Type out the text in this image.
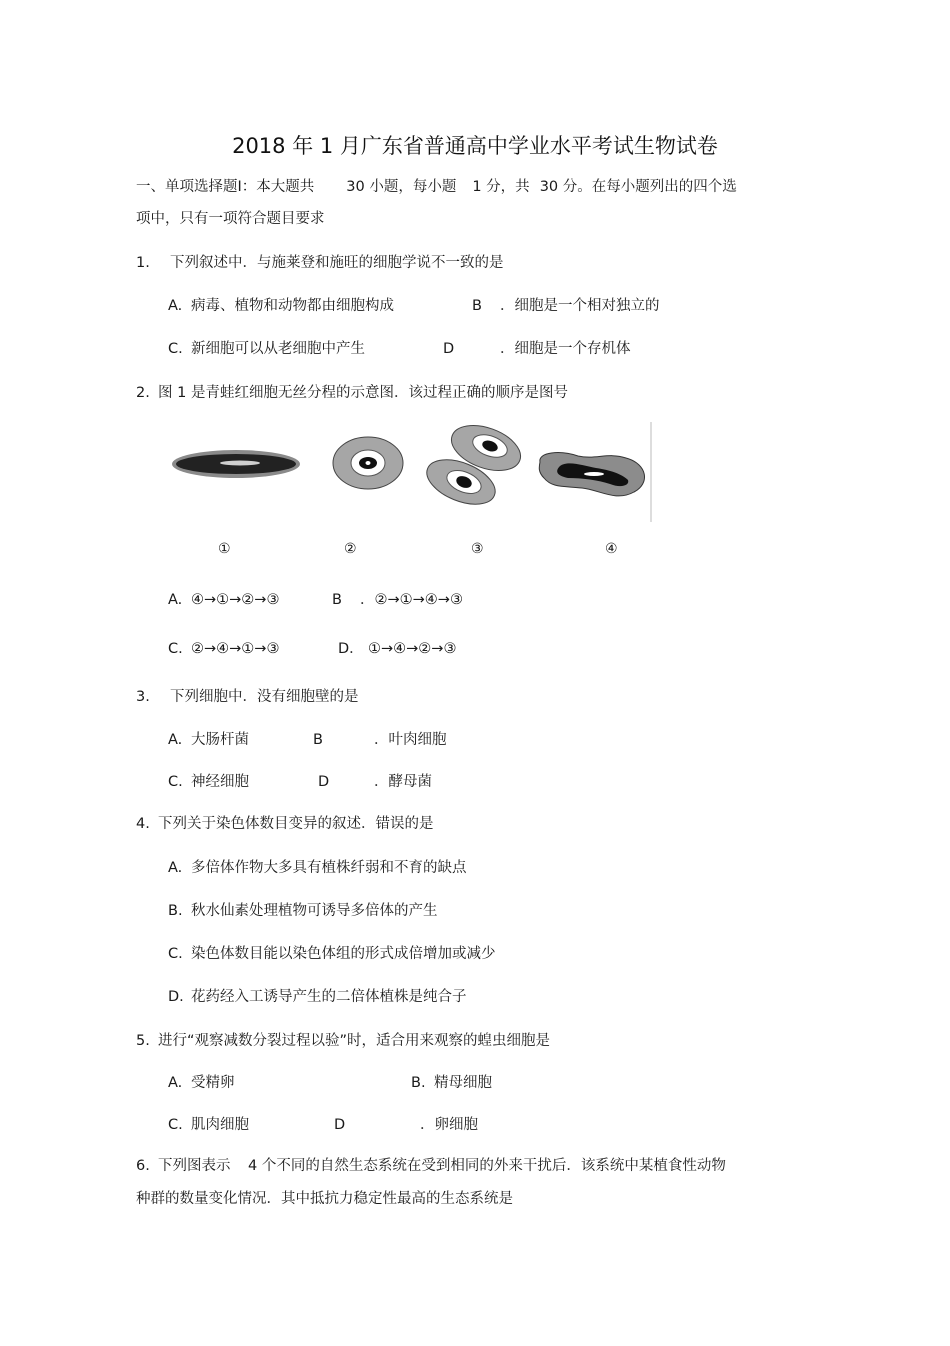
2018 年 1 月广东省普通高中学业水平考试生物试卷
一、单项选择题Ⅰ：本大题共 30 小题，每小题 1 分，共 30 分。在每小题列出的四个选
项中，只有一项符合题目要求
1. 下列叙述中．与施莱登和施旺的细胞学说不一致的是
A. 病毒、植物和动物都由细胞构成	B ．细胞是一个相对独立的
C. 新细胞可以从老细胞中产生	D	．细胞是一个存机体
2. 图 1 是青蛙红细胞无丝分程的示意图．该过程正确的顺序是图号
①	②	③	④
A. ④→①→②→③	B ．②→①→④→③
C. ②→④→①→③	D． ①→④→②→③
3. 下列细胞中．没有细胞壁的是
A. 大肠杆菌	B	．叶肉细胞
C. 神经细胞	D	．酵母菌
4. 下列关于染色体数目变异的叙述．错误的是
A. 多倍体作物大多具有植株纤弱和不育的缺点
B. 秋水仙素处理植物可诱导多倍体的产生
C. 染色体数目能以染色体组的形式成倍增加或减少
D. 花药经入工诱导产生的二倍体植株是纯合子
5. 进行“观察减数分裂过程以验”时，适合用来观察的蝗虫细胞是
A. 受精卵	B. 精母细胞
C. 肌肉细胞	D	．卵细胞
6. 下列图表示 4 个不同的自然生态系统在受到相同的外来干扰后．该系统中某植食性动物
种群的数量变化情况．其中抵抗力稳定性最高的生态系统是
